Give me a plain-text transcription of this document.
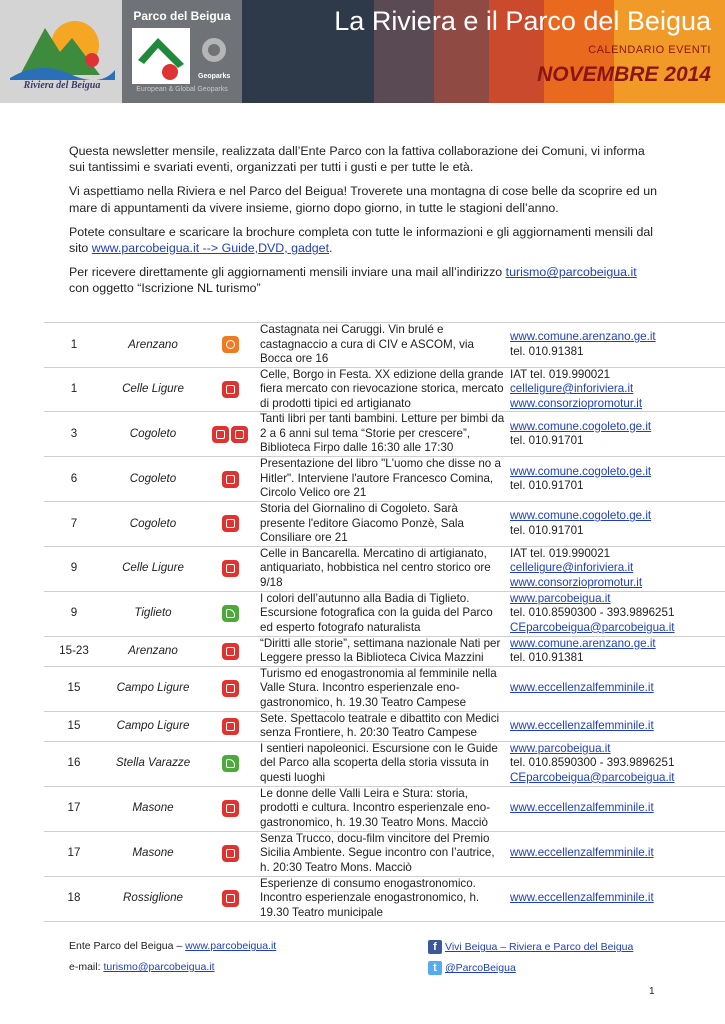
Riviera del Beigua
Parco del Beigua
Geoparks
European & Global Geoparks
La Riviera e il Parco del Beigua
CALENDARIO EVENTI
NOVEMBRE 2014

Questa newsletter mensile, realizzata dall’Ente Parco con la fattiva collaborazione dei Comuni, vi informa sui tantissimi e svariati eventi, organizzati per tutti i gusti e per tutte le età.

Vi aspettiamo nella Riviera e nel Parco del Beigua! Troverete una montagna di cose belle da scoprire ed un mare di appuntamenti da vivere insieme, giorno dopo giorno, in tutte le stagioni dell’anno.

Potete consultare e scaricare la brochure completa con tutte le informazioni e gli aggiornamenti mensili dal sito www.parcobeigua.it --> Guide,DVD, gadget.

Per ricevere direttamente gli aggiornamenti mensili inviare una mail all’indirizzo turismo@parcobeigua.it con oggetto “Iscrizione NL turismo”

1	Arenzano		Castagnata nei Caruggi. Vin brulé e castagnaccio a cura di CIV e ASCOM, via Bocca ore 16	www.comune.arenzano.ge.it
tel. 010.91381

1	Celle Ligure		Celle, Borgo in Festa. XX edizione della grande fiera mercato con rievocazione storica, mercato di prodotti tipici ed artigianato	IAT tel. 019.990021
celleligure@inforiviera.it
www.consorziopromotur.it

3	Cogoleto		Tanti libri per tanti bambini. Letture per bimbi da 2 a 6 anni sul tema “Storie per crescere”, Biblioteca Firpo dalle 16:30 alle 17:30	www.comune.cogoleto.ge.it
tel. 010.91701

6	Cogoleto		Presentazione del libro "L'uomo che disse no a Hitler". Interviene l'autore Francesco Comina, Circolo Velico ore 21	www.comune.cogoleto.ge.it
tel. 010.91701

7	Cogoleto		Storia del Giornalino di Cogoleto. Sarà presente l'editore Giacomo Ponzè, Sala Consiliare ore 21	www.comune.cogoleto.ge.it
tel. 010.91701

9	Celle Ligure		Celle in Bancarella. Mercatino di artigianato, antiquariato, hobbistica nel centro storico ore 9/18	IAT tel. 019.990021
celleligure@inforiviera.it
www.consorziopromotur.it

9	Tiglieto		I colori dell’autunno alla Badia di Tiglieto. Escursione fotografica con la guida del Parco ed esperto fotografo naturalista	www.parcobeigua.it
tel. 010.8590300 - 393.9896251
CEparcobeigua@parcobeigua.it

15-23	Arenzano		“Diritti alle storie”, settimana nazionale Nati per Leggere presso la Biblioteca Civica Mazzini	www.comune.arenzano.ge.it
tel. 010.91381

15	Campo Ligure		Turismo ed enogastronomia al femminile nella Valle Stura. Incontro esperienzale eno-gastronomico, h. 19.30 Teatro Campese	www.eccellenzalfemminile.it

15	Campo Ligure		Sete. Spettacolo teatrale e dibattito con Medici senza Frontiere, h. 20:30 Teatro Campese	www.eccellenzalfemminile.it

16	Stella Varazze		I sentieri napoleonici. Escursione con le Guide del Parco alla scoperta della storia vissuta in questi luoghi	www.parcobeigua.it
tel. 010.8590300 - 393.9896251
CEparcobeigua@parcobeigua.it

17	Masone		Le donne delle Valli Leira e Stura: storia, prodotti e cultura. Incontro esperienzale eno-gastronomico, h. 19.30 Teatro Mons. Macciò	www.eccellenzalfemminile.it

17	Masone		Senza Trucco, docu-film vincitore del Premio Sicilia Ambiente. Segue incontro con l’autrice, h. 20:30 Teatro Mons. Macciò	www.eccellenzalfemminile.it

18	Rossiglione		Esperienze di consumo enogastronomico. Incontro esperienzale enogastronomico, h. 19.30 Teatro municipale	www.eccellenzalfemminile.it
Ente Parco del Beigua – www.parcobeigua.it
e-mail: turismo@parcobeigua.it
f Vivi Beigua – Riviera e Parco del Beigua
t @ParcoBeigua
1
